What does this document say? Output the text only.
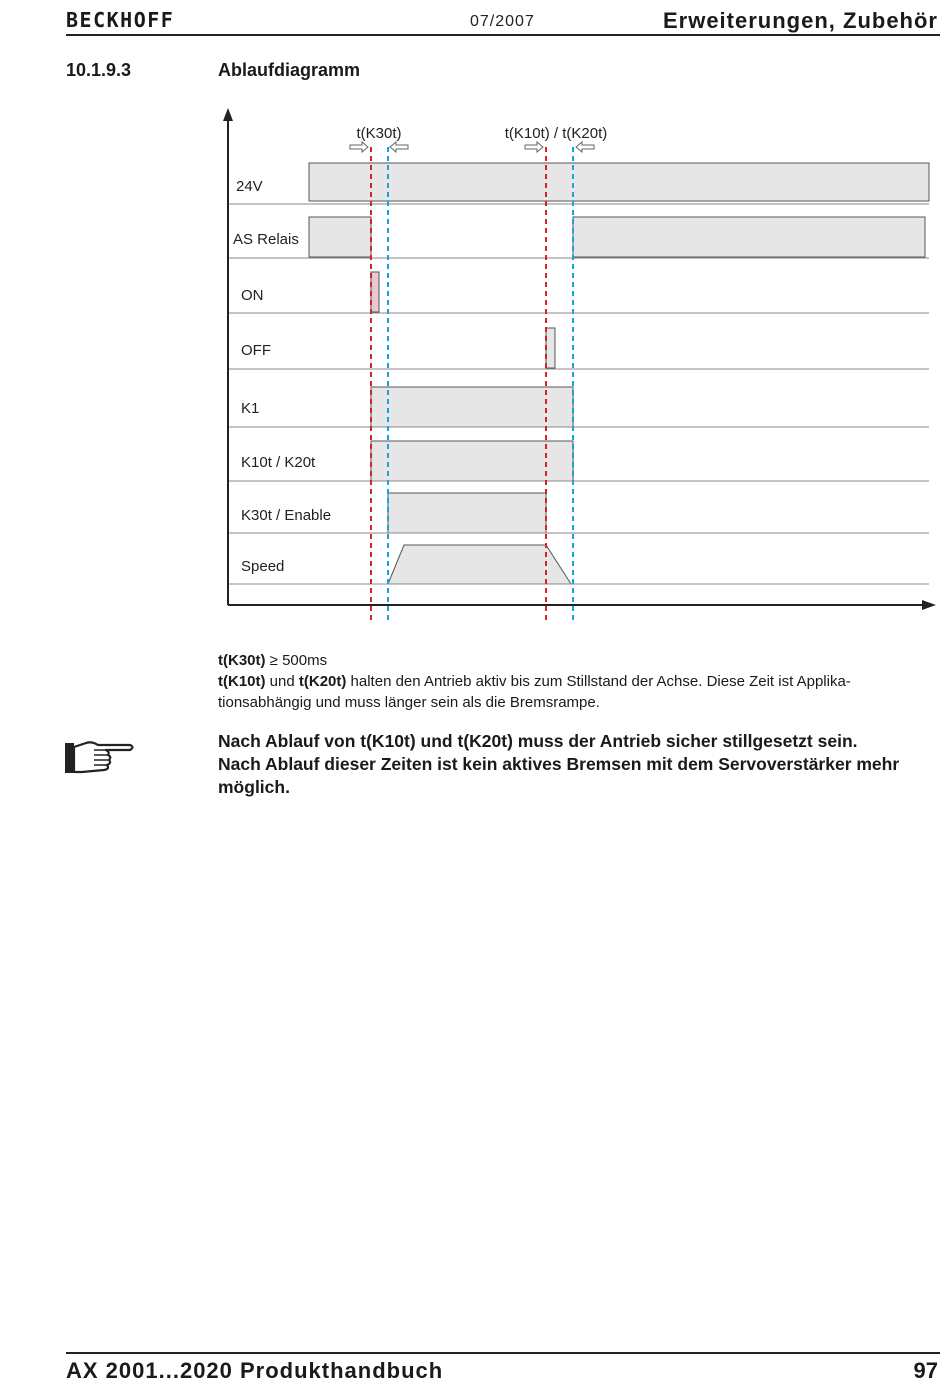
BECKHOFF	07/2007	Erweiterungen, Zubehör
10.1.9.3	Ablaufdiagramm
t(K30t)	t(K10t) / t(K20t)
24V
AS Relais
ON
OFF
K1
K10t / K20t
K30t / Enable
Speed

t(K30t) ≥ 500ms

t(K10t) und t(K20t) halten den Antrieb aktiv bis zum Stillstand der Achse. Diese Zeit ist Applika-

tionsabhängig und muss länger sein als die Bremsrampe.

Nach Ablauf von t(K10t) und t(K20t) muss der Antrieb sicher stillgesetzt sein.

Nach Ablauf dieser Zeiten ist kein aktives Bremsen mit dem Servoverstärker mehr

möglich.

AX 2001...2020 Produkthandbuch	97
